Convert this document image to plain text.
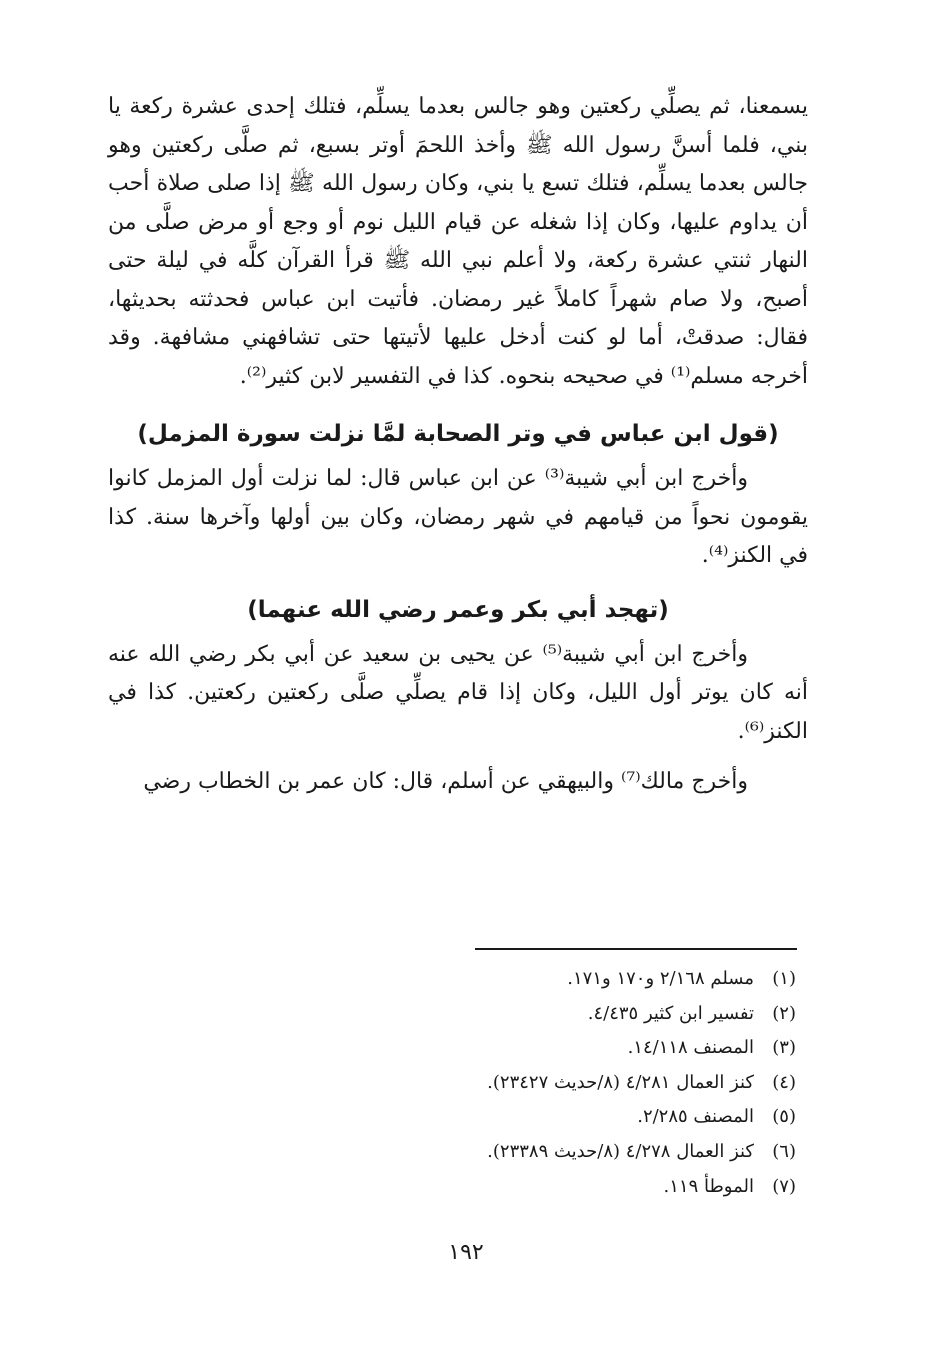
يسمعنا، ثم يصلِّي ركعتين وهو جالس بعدما يسلِّم، فتلك إحدى عشرة ركعة يا بني، فلما أسنَّ رسول الله ﷺ وأخذ اللحمَ أوتر بسبع، ثم صلَّى ركعتين وهو جالس بعدما يسلِّم، فتلك تسع يا بني، وكان رسول الله ﷺ إذا صلى صلاة أحب أن يداوم عليها، وكان إذا شغله عن قيام الليل نوم أو وجع أو مرض صلَّى من النهار ثنتي عشرة ركعة، ولا أعلم نبي الله ﷺ قرأ القرآن كلَّه في ليلة حتى أصبح، ولا صام شهراً كاملاً غير رمضان. فأتيت ابن عباس فحدثته بحديثها، فقال: صدقتْ، أما لو كنت أدخل عليها لأتيتها حتى تشافهني مشافهة. وقد أخرجه مسلم⁽¹⁾ في صحيحه بنحوه. كذا في التفسير لابن كثير⁽²⁾.

(قول ابن عباس في وتر الصحابة لمَّا نزلت سورة المزمل)

وأخرج ابن أبي شيبة⁽³⁾ عن ابن عباس قال: لما نزلت أول المزمل كانوا يقومون نحواً من قيامهم في شهر رمضان، وكان بين أولها وآخرها سنة. كذا في الكنز⁽⁴⁾.

(تهجد أبي بكر وعمر رضي الله عنهما)

وأخرج ابن أبي شيبة⁽⁵⁾ عن يحيى بن سعيد عن أبي بكر رضي الله عنه أنه كان يوتر أول الليل، وكان إذا قام يصلِّي صلَّى ركعتين ركعتين. كذا في الكنز⁽⁶⁾.

وأخرج مالك⁽⁷⁾ والبيهقي عن أسلم، قال: كان عمر بن الخطاب رضي

(١)مسلم ٢/١٦٨ و١٧٠ و١٧١.
(٢)تفسير ابن كثير ٤/٤٣٥.
(٣)المصنف ١٤/١١٨.
(٤)كنز العمال ٤/٢٨١ (٨/حديث ٢٣٤٢٧).
(٥)المصنف ٢/٢٨٥.
(٦)كنز العمال ٤/٢٧٨ (٨/حديث ٢٣٣٨٩).
(٧)الموطأ ١١٩.
١٩٢
